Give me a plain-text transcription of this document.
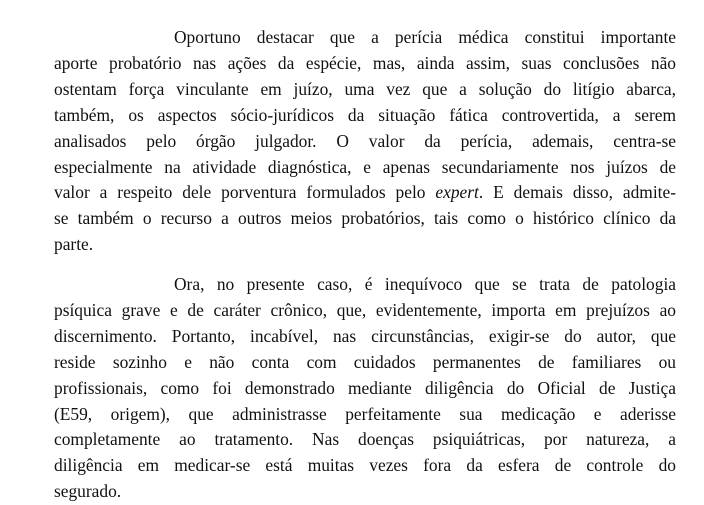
Oportuno destacar que a perícia médica constitui importante
aporte probatório nas ações da espécie, mas, ainda assim, suas conclusões não
ostentam força vinculante em juízo, uma vez que a solução do litígio abarca,
também, os aspectos sócio-jurídicos da situação fática controvertida, a serem
analisados pelo órgão julgador. O valor da perícia, ademais, centra-se
especialmente na atividade diagnóstica, e apenas secundariamente nos juízos de
valor a respeito dele porventura formulados pelo expert. E demais disso, admite-
se também o recurso a outros meios probatórios, tais como o histórico clínico da
parte.
Ora, no presente caso, é inequívoco que se trata de patologia
psíquica grave e de caráter crônico, que, evidentemente, importa em prejuízos ao
discernimento. Portanto, incabível, nas circunstâncias, exigir-se do autor, que
reside sozinho e não conta com cuidados permanentes de familiares ou
profissionais, como foi demonstrado mediante diligência do Oficial de Justiça
(E59, origem), que administrasse perfeitamente sua medicação e aderisse
completamente ao tratamento. Nas doenças psiquiátricas, por natureza, a
diligência em medicar-se está muitas vezes fora da esfera de controle do
segurado.
